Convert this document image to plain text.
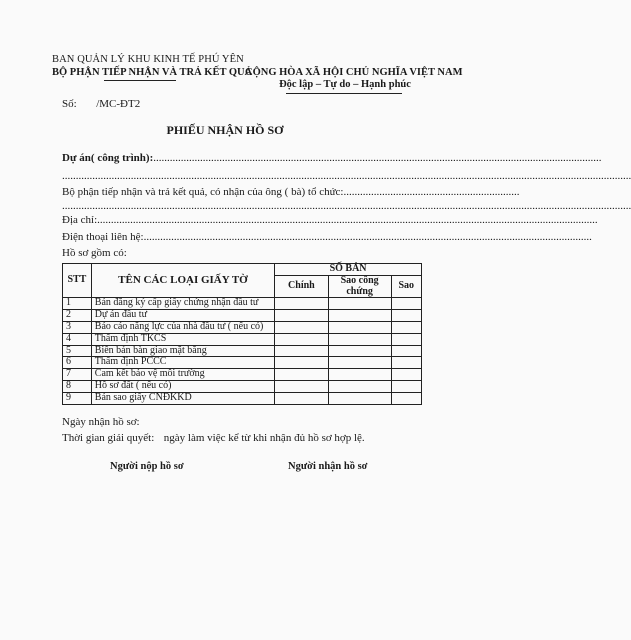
BAN QUẢN LÝ KHU KINH TẾ PHÚ YÊN
BỘ PHẬN TIẾP NHẬN VÀ TRẢ KẾT QUẢ
CỘNG HÒA XÃ HỘI CHỦ NGHĨA VIỆT NAM
Độc lập – Tự do – Hạnh phúc
Số: /MC-ĐT2
PHIẾU NHẬN HỒ SƠ
Dự án( công trình):...................................................................................................................................................................
...............................................................................................................................................................................................................
Bộ phận tiếp nhận và trả kết quả, có nhận của ông ( bà) tổ chức:................................................................
...............................................................................................................................................................................................................
Địa chỉ:......................................................................................................................................................................................
Điện thoại liên hệ:...................................................................................................................................................................
Hồ sơ gồm có:
STT	TÊN CÁC LOẠI GIẤY TỜ	SỐ BẢN		
		Chính	Sao công chứng	Sao
1	Bản đăng ký cấp giấy chứng nhận đầu tư			
2	Dự án đầu tư			
3	Báo cáo năng lực của nhà đầu tư ( nếu có)			
4	Thẩm định TKCS			
5	Biên bản bàn giao mặt bằng			
6	Thẩm định PCCC			
7	Cam kết bảo vệ môi trường			
8	Hồ sơ đất ( nếu có)			
9	Bản sao giấy CNĐKKD			
Ngày nhận hồ sơ:
Thời gian giải quyết: ngày làm việc kể từ khi nhận đủ hồ sơ hợp lệ.
Người nộp hồ sơ	Người nhận hồ sơ
